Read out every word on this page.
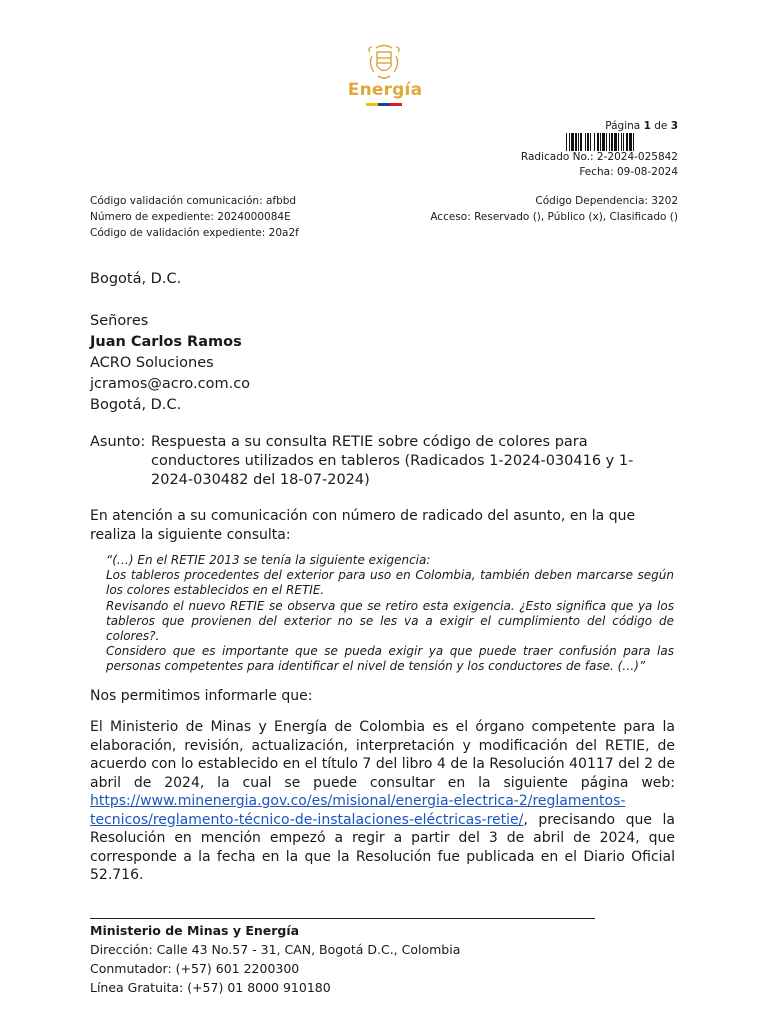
Energía
Página 1 de 3
Radicado No.: 2-2024-025842
Fecha: 09-08-2024
Código validación comunicación: afbbd
Número de expediente: 2024000084E
Código de validación expediente: 20a2f
Código Dependencia: 3202
Acceso: Reservado (), Público (x), Clasificado ()
Bogotá, D.C.
Señores
Juan Carlos Ramos
ACRO Soluciones
jcramos@acro.com.co
Bogotá, D.C.
Asunto: Respuesta a su consulta RETIE sobre código de colores para conductores utilizados en tableros (Radicados 1-2024-030416 y 1-2024-030482 del 18-07-2024)
En atención a su comunicación con número de radicado del asunto, en la que realiza la siguiente consulta:

“(…) En el RETIE 2013 se tenía la siguiente exigencia:

Los tableros procedentes del exterior para uso en Colombia, también deben marcarse según los colores establecidos en el RETIE.

Revisando el nuevo RETIE se observa que se retiro esta exigencia. ¿Esto significa que ya los tableros que provienen del exterior no se les va a exigir el cumplimiento del código de colores?.

Considero que es importante que se pueda exigir ya que puede traer confusión para las personas competentes para identificar el nivel de tensión y los conductores de fase. (…)”

Nos permitimos informarle que:
El Ministerio de Minas y Energía de Colombia es el órgano competente para la elaboración, revisión, actualización, interpretación y modificación del RETIE, de acuerdo con lo establecido en el título 7 del libro 4 de la Resolución 40117 del 2 de abril de 2024, la cual se puede consultar en la siguiente página web: https://www.minenergia.gov.co/es/misional/energia-electrica-2/reglamentos-tecnicos/reglamento-técnico-de-instalaciones-eléctricas-retie/, precisando que la Resolución en mención empezó a regir a partir del 3 de abril de 2024, que corresponde a la fecha en la que la Resolución fue publicada en el Diario Oficial 52.716.
Ministerio de Minas y Energía
Dirección: Calle 43 No.57 - 31, CAN, Bogotá D.C., Colombia
Conmutador: (+57) 601 2200300
Línea Gratuita: (+57) 01 8000 910180
